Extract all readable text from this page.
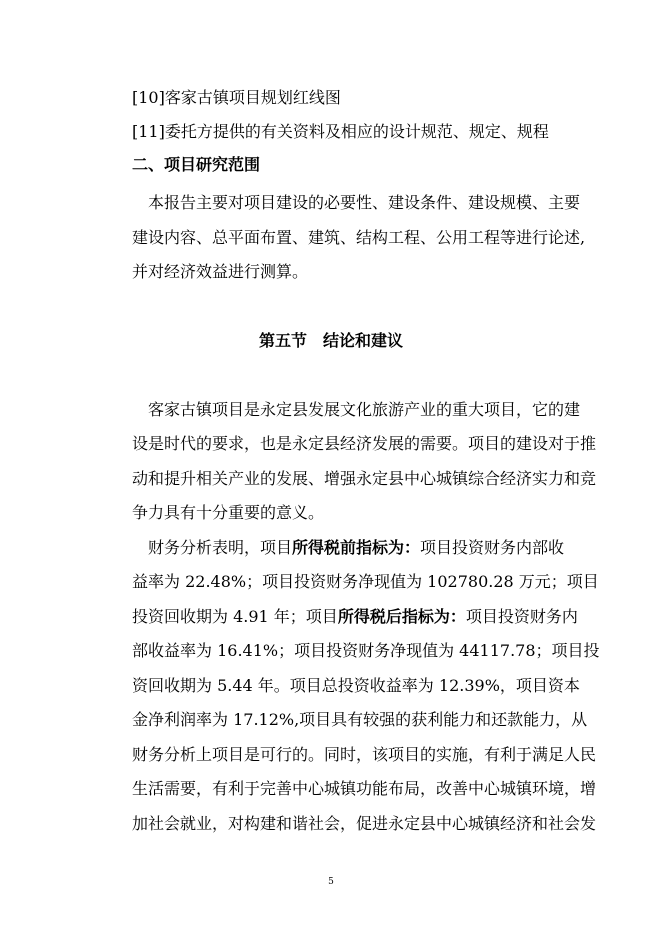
[10]客家古镇项目规划红线图
[11]委托方提供的有关资料及相应的设计规范、规定、规程
二、项目研究范围
本报告主要对项目建设的必要性、建设条件、建设规模、主要
建设内容、总平面布置、建筑、结构工程、公用工程等进行论述,
并对经济效益进行测算。
第五节　结论和建议
客家古镇项目是永定县发展文化旅游产业的重大项目，它的建
设是时代的要求，也是永定县经济发展的需要。项目的建设对于推
动和提升相关产业的发展、增强永定县中心城镇综合经济实力和竞
争力具有十分重要的意义。
财务分析表明，项目所得税前指标为：项目投资财务内部收
益率为 22.48%；项目投资财务净现值为 102780.28 万元；项目
投资回收期为 4.91 年；项目所得税后指标为：项目投资财务内
部收益率为 16.41%；项目投资财务净现值为 44117.78；项目投
资回收期为 5.44 年。项目总投资收益率为 12.39%，项目资本
金净利润率为 17.12%,项目具有较强的获利能力和还款能力，从
财务分析上项目是可行的。同时，该项目的实施，有利于满足人民
生活需要，有利于完善中心城镇功能布局，改善中心城镇环境，增
加社会就业，对构建和谐社会，促进永定县中心城镇经济和社会发
5
